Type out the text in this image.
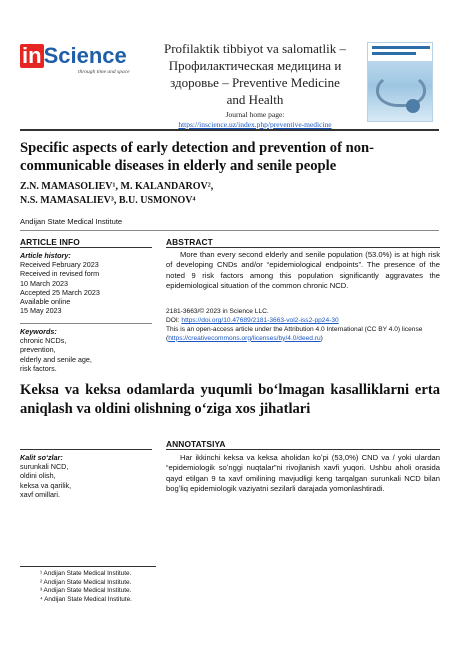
in Science
through time and space
Profilaktik tibbiyot va salomatlik –
Профилактическая медицина и
здоровье – Preventive Medicine
and Health
Journal home page:
https://inscience.uz/index.php/preventive-medicine
Specific aspects of early detection and prevention of non-communicable diseases in elderly and senile people
Z.N. MAMASOLIEV¹, M. KALANDAROV²,
N.S. MAMASALIEV³, B.U. USMONOV⁴
Andijan State Medical Institute
ARTICLE INFO
Article history:
Received February 2023
Received in revised form
10 March 2023
Accepted 25 March 2023
Available online
15 May 2023
Keywords:
chronic NCDs,
prevention,
elderly and senile age,
risk factors.
ABSTRACT
More than every second elderly and senile population (53.0%) is at high risk of developing CNDs and/or “epidemiological endpoints”. The presence of the noted 9 risk factors among this population significantly aggravates the epidemiological situation of the common chronic NCD.
2181-3663/© 2023 in Science LLC.
DOI: https://doi.org/10.47689/2181-3663-vol2-iss2-pp24-30
This is an open-access article under the Attribution 4.0 International (CC BY 4.0) license (https://creativecommons.org/licenses/by/4.0/deed.ru)
Keksa va keksa odamlarda yuqumli boʻlmagan kasalliklarni erta aniqlash va oldini olishning oʻziga xos jihatlari
ANNOTATSIYA
Har ikkinchi keksa va keksa aholidan koʻpi (53,0%) CND va / yoki ulardan “epidemiologik soʻnggi nuqtalar”ni rivojlanish xavfi yuqori. Ushbu aholi orasida qayd etilgan 9 ta xavf omilining mavjudligi keng tarqalgan surunkali NCD bilan bogʻliq epidemiologik vaziyatni sezilarli darajada yomonlashtiradi.
Kalit soʻzlar:
surunkali NCD,
oldini olish,
keksa va qarilik,
xavf omillari.
¹ Andijan State Medical Institute.
² Andijan State Medical Institute.
³ Andijan State Medical Institute.
⁴ Andijan State Medical Institute.
